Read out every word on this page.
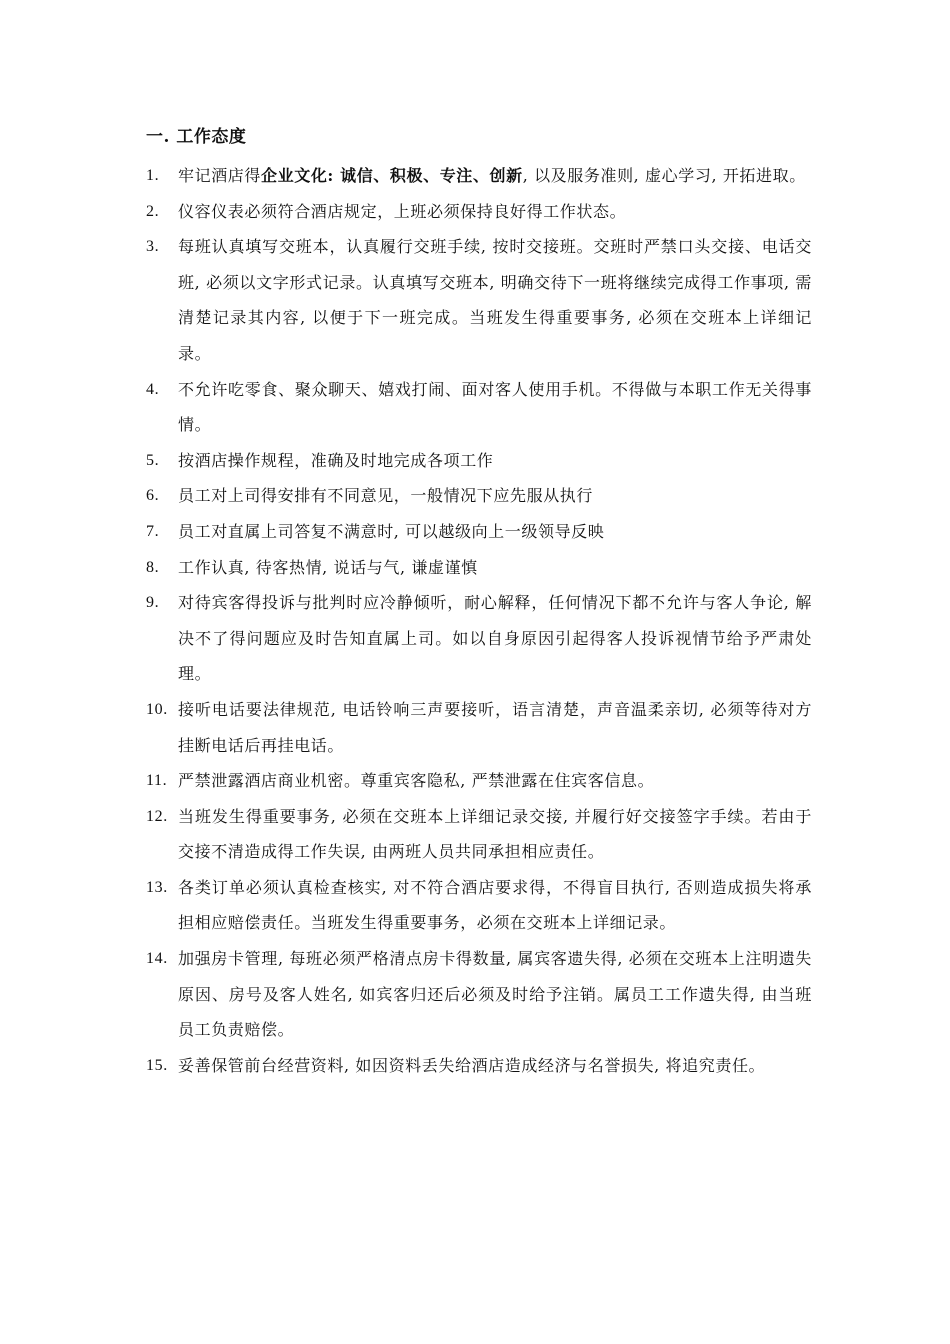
一. 工作态度
1.	牢记酒店得企业文化: 诚信、积极、专注、创新, 以及服务准则, 虚心学习, 开拓进取。
2.	仪容仪表必须符合酒店规定，上班必须保持良好得工作状态。
3.	每班认真填写交班本，认真履行交班手续, 按时交接班。交班时严禁口头交接、电话交班, 必须以文字形式记录。认真填写交班本, 明确交待下一班将继续完成得工作事项, 需清楚记录其内容, 以便于下一班完成。当班发生得重要事务, 必须在交班本上详细记录。
4.	不允许吃零食、聚众聊天、嬉戏打闹、面对客人使用手机。不得做与本职工作无关得事情。
5.	按酒店操作规程，准确及时地完成各项工作
6.	员工对上司得安排有不同意见，一般情况下应先服从执行
7.	员工对直属上司答复不满意时, 可以越级向上一级领导反映
8.	工作认真, 待客热情, 说话与气, 谦虚谨慎
9.	对待宾客得投诉与批判时应冷静倾听，耐心解释，任何情况下都不允许与客人争论, 解决不了得问题应及时告知直属上司。如以自身原因引起得客人投诉视情节给予严肃处理。
10. 接听电话要法律规范, 电话铃响三声要接听，语言清楚，声音温柔亲切, 必须等待对方挂断电话后再挂电话。
11. 严禁泄露酒店商业机密。尊重宾客隐私, 严禁泄露在住宾客信息。
12. 当班发生得重要事务, 必须在交班本上详细记录交接, 并履行好交接签字手续。若由于交接不清造成得工作失误, 由两班人员共同承担相应责任。
13. 各类订单必须认真检查核实, 对不符合酒店要求得，不得盲目执行, 否则造成损失将承担相应赔偿责任。当班发生得重要事务，必须在交班本上详细记录。
14. 加强房卡管理, 每班必须严格清点房卡得数量, 属宾客遗失得, 必须在交班本上注明遗失原因、房号及客人姓名, 如宾客归还后必须及时给予注销。属员工工作遗失得, 由当班员工负责赔偿。
15. 妥善保管前台经营资料, 如因资料丢失给酒店造成经济与名誉损失, 将追究责任。
